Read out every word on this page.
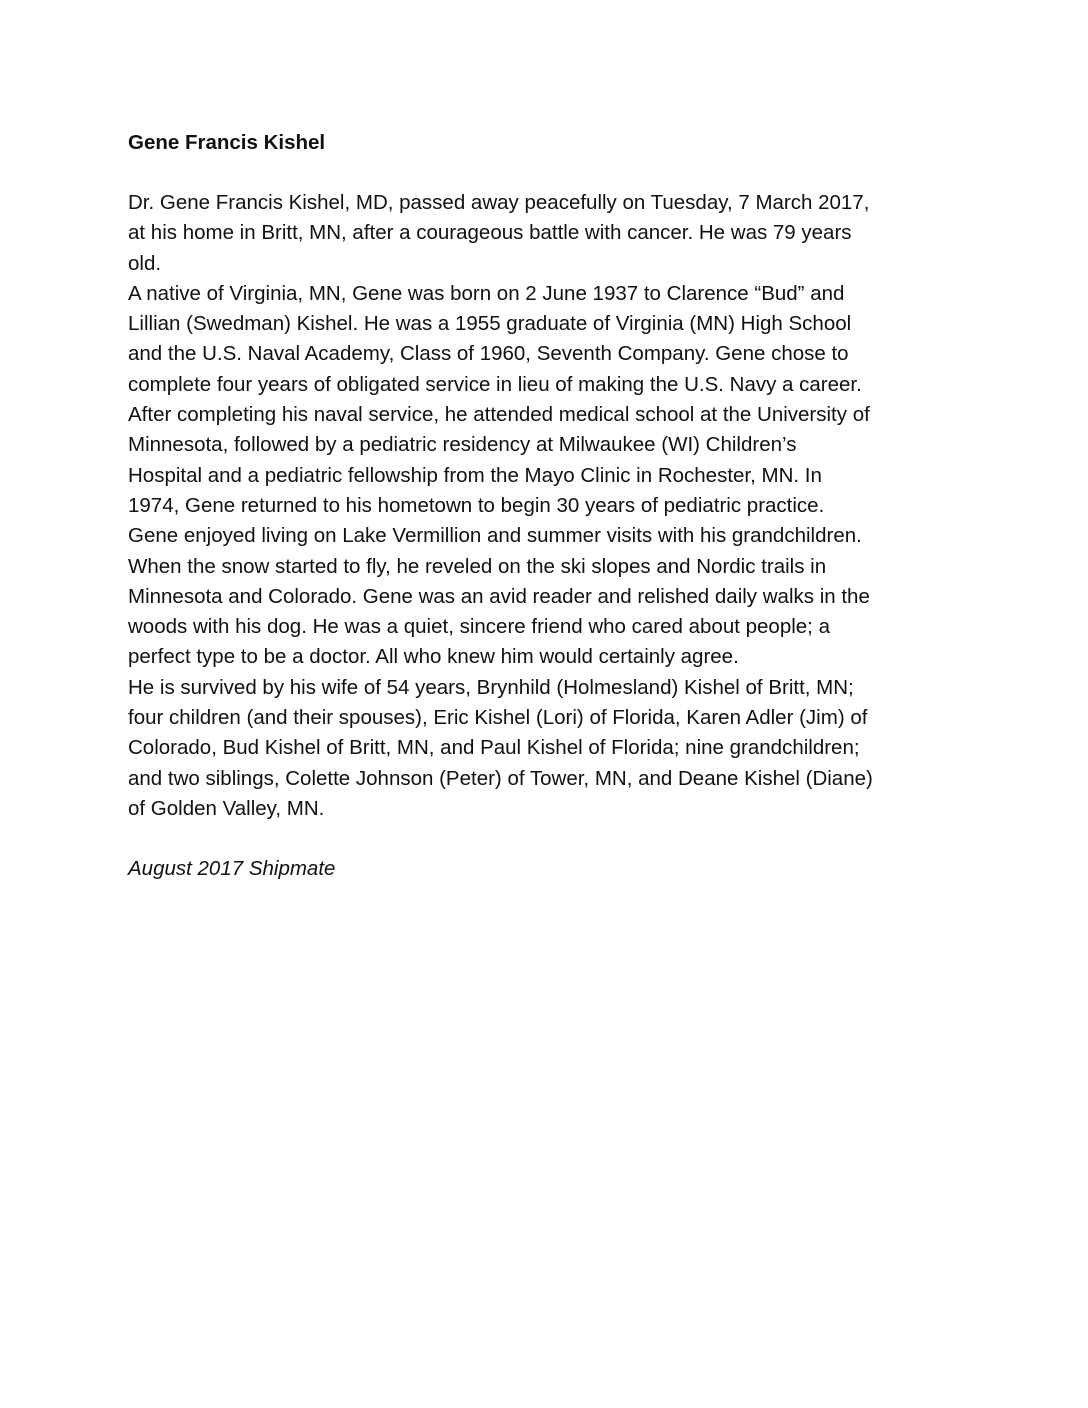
Gene Francis Kishel

Dr. Gene Francis Kishel, MD, passed away peacefully on Tuesday, 7 March 2017,
at his home in Britt, MN, after a courageous battle with cancer. He was 79 years
old.
A native of Virginia, MN, Gene was born on 2 June 1937 to Clarence “Bud” and
Lillian (Swedman) Kishel. He was a 1955 graduate of Virginia (MN) High School
and the U.S. Naval Academy, Class of 1960, Seventh Company. Gene chose to
complete four years of obligated service in lieu of making the U.S. Navy a career.
After completing his naval service, he attended medical school at the University of
Minnesota, followed by a pediatric residency at Milwaukee (WI) Children’s
Hospital and a pediatric fellowship from the Mayo Clinic in Rochester, MN. In
1974, Gene returned to his hometown to begin 30 years of pediatric practice.
Gene enjoyed living on Lake Vermillion and summer visits with his grandchildren.
When the snow started to fly, he reveled on the ski slopes and Nordic trails in
Minnesota and Colorado. Gene was an avid reader and relished daily walks in the
woods with his dog. He was a quiet, sincere friend who cared about people; a
perfect type to be a doctor. All who knew him would certainly agree.
He is survived by his wife of 54 years, Brynhild (Holmesland) Kishel of Britt, MN;
four children (and their spouses), Eric Kishel (Lori) of Florida, Karen Adler (Jim) of
Colorado, Bud Kishel of Britt, MN, and Paul Kishel of Florida; nine grandchildren;
and two siblings, Colette Johnson (Peter) of Tower, MN, and Deane Kishel (Diane)
of Golden Valley, MN.

August 2017 Shipmate
